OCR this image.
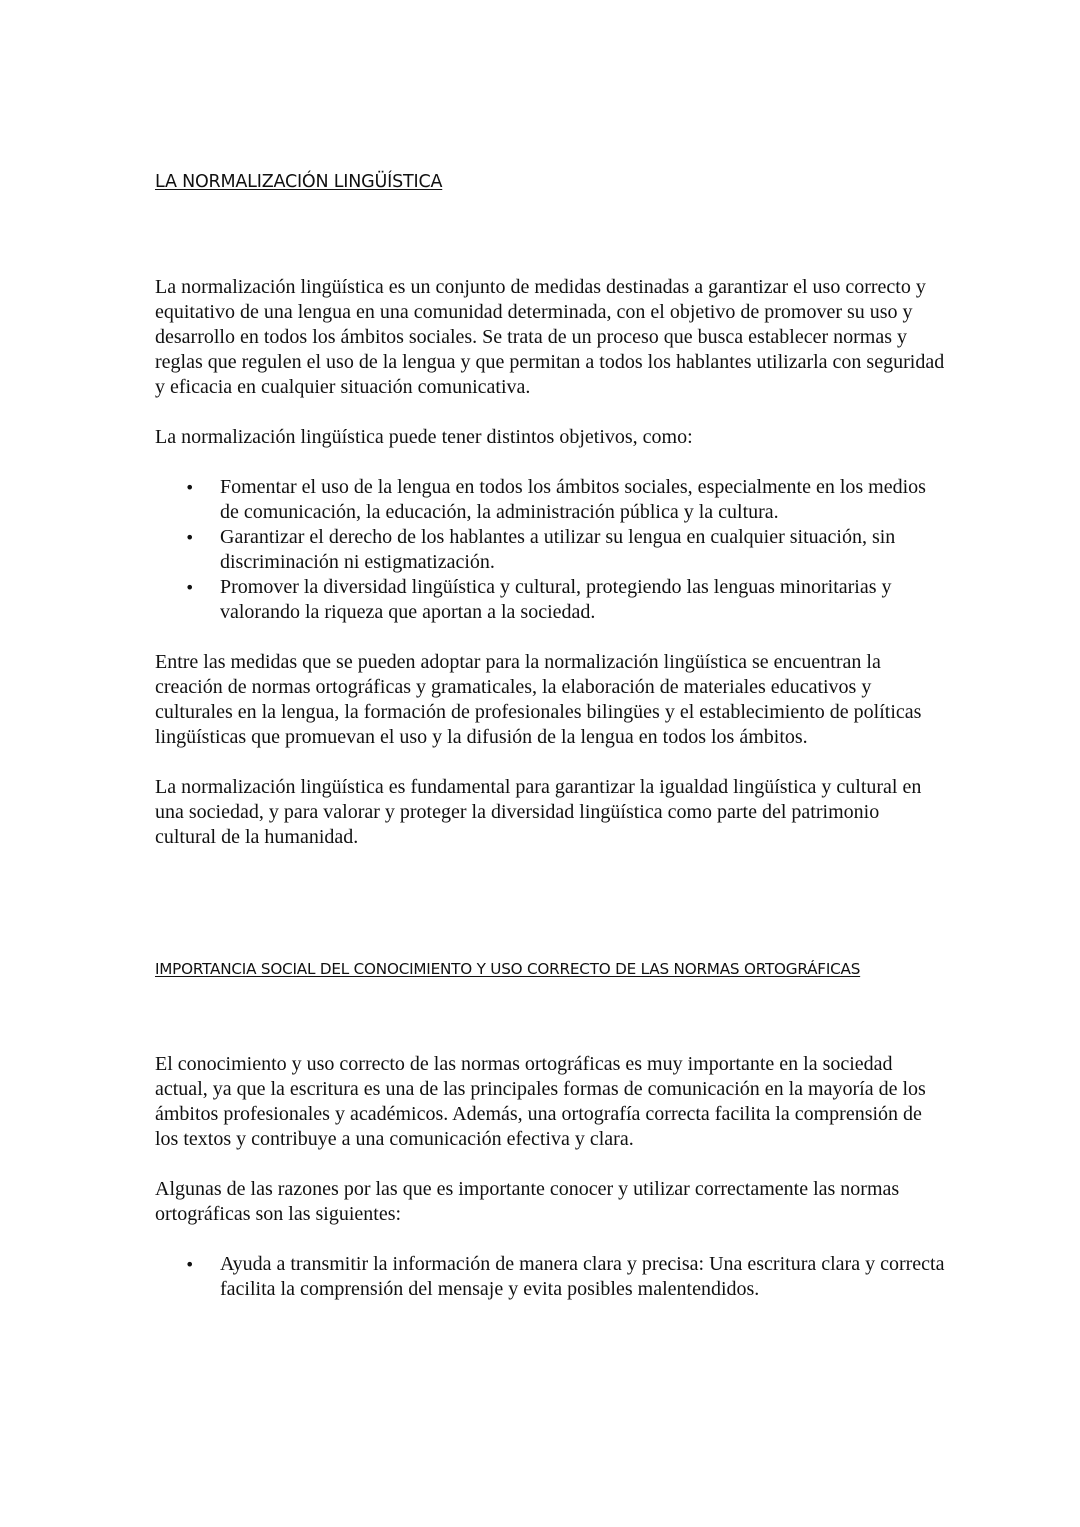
LA NORMALIZACIÓN LINGÜÍSTICA

La normalización lingüística es un conjunto de medidas destinadas a garantizar el uso correcto y equitativo de una lengua en una comunidad determinada, con el objetivo de promover su uso y desarrollo en todos los ámbitos sociales. Se trata de un proceso que busca establecer normas y reglas que regulen el uso de la lengua y que permitan a todos los hablantes utilizarla con seguridad y eficacia en cualquier situación comunicativa.

La normalización lingüística puede tener distintos objetivos, como:

• Fomentar el uso de la lengua en todos los ámbitos sociales, especialmente en los medios de comunicación, la educación, la administración pública y la cultura.
• Garantizar el derecho de los hablantes a utilizar su lengua en cualquier situación, sin discriminación ni estigmatización.
• Promover la diversidad lingüística y cultural, protegiendo las lenguas minoritarias y valorando la riqueza que aportan a la sociedad.

Entre las medidas que se pueden adoptar para la normalización lingüística se encuentran la creación de normas ortográficas y gramaticales, la elaboración de materiales educativos y culturales en la lengua, la formación de profesionales bilingües y el establecimiento de políticas lingüísticas que promuevan el uso y la difusión de la lengua en todos los ámbitos.

La normalización lingüística es fundamental para garantizar la igualdad lingüística y cultural en una sociedad, y para valorar y proteger la diversidad lingüística como parte del patrimonio cultural de la humanidad.

IMPORTANCIA SOCIAL DEL CONOCIMIENTO Y USO CORRECTO DE LAS NORMAS ORTOGRÁFICAS

El conocimiento y uso correcto de las normas ortográficas es muy importante en la sociedad actual, ya que la escritura es una de las principales formas de comunicación en la mayoría de los ámbitos profesionales y académicos. Además, una ortografía correcta facilita la comprensión de los textos y contribuye a una comunicación efectiva y clara.

Algunas de las razones por las que es importante conocer y utilizar correctamente las normas ortográficas son las siguientes:

• Ayuda a transmitir la información de manera clara y precisa: Una escritura clara y correcta facilita la comprensión del mensaje y evita posibles malentendidos.
